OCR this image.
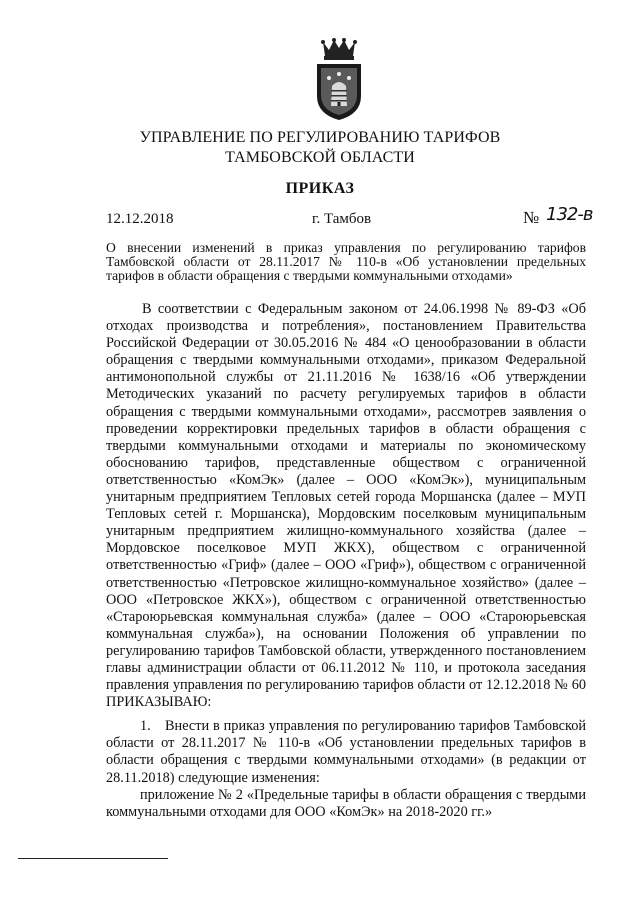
УПРАВЛЕНИЕ ПО РЕГУЛИРОВАНИЮ ТАРИФОВ
ТАМБОВСКОЙ ОБЛАСТИ
ПРИКАЗ
12.12.2018	г. Тамбов	№ 132-в
О внесении изменений в приказ управления по регулированию тарифов
Тамбовской области от 28.11.2017 № 110-в «Об установлении предельных
тарифов в области обращения с твердыми коммунальными отходами»

В соответствии с Федеральным законом от 24.06.1998 № 89-ФЗ «Об отходах производства и потребления», постановлением Правительства Российской Федерации от 30.05.2016 № 484 «О ценообразовании в области обращения с твердыми коммунальными отходами», приказом Федеральной антимонопольной службы от 21.11.2016 № 1638/16 «Об утверждении Методических указаний по расчету регулируемых тарифов в области обращения с твердыми коммунальными отходами», рассмотрев заявления о проведении корректировки предельных тарифов в области обращения с твердыми коммунальными отходами и материалы по экономическому обоснованию тарифов, представленные обществом с ограниченной ответственностью «КомЭк» (далее – ООО «КомЭк»), муниципальным унитарным предприятием Тепловых сетей города Моршанска (далее – МУП Тепловых сетей г. Моршанска), Мордовским поселковым муниципальным унитарным предприятием жилищно-коммунального хозяйства (далее – Мордовское поселковое МУП ЖКХ), обществом с ограниченной ответственностью «Гриф» (далее – ООО «Гриф»), обществом с ограниченной ответственностью «Петровское жилищно-коммунальное хозяйство» (далее – ООО «Петровское ЖКХ»), обществом с ограниченной ответственностью «Староюрьевская коммунальная служба» (далее – ООО «Староюрьевская коммунальная служба»), на основании Положения об управлении по регулированию тарифов Тамбовской области, утвержденного постановлением главы администрации области от 06.11.2012 № 110, и протокола заседания правления управления по регулированию тарифов области от 12.12.2018 № 60 ПРИКАЗЫВАЮ:

1. Внести в приказ управления по регулированию тарифов Тамбовской области от 28.11.2017 № 110-в «Об установлении предельных тарифов в области обращения с твердыми коммунальными отходами» (в редакции от 28.11.2018) следующие изменения:

приложение № 2 «Предельные тарифы в области обращения с твердыми коммунальными отходами для ООО «КомЭк» на 2018-2020 гг.»
